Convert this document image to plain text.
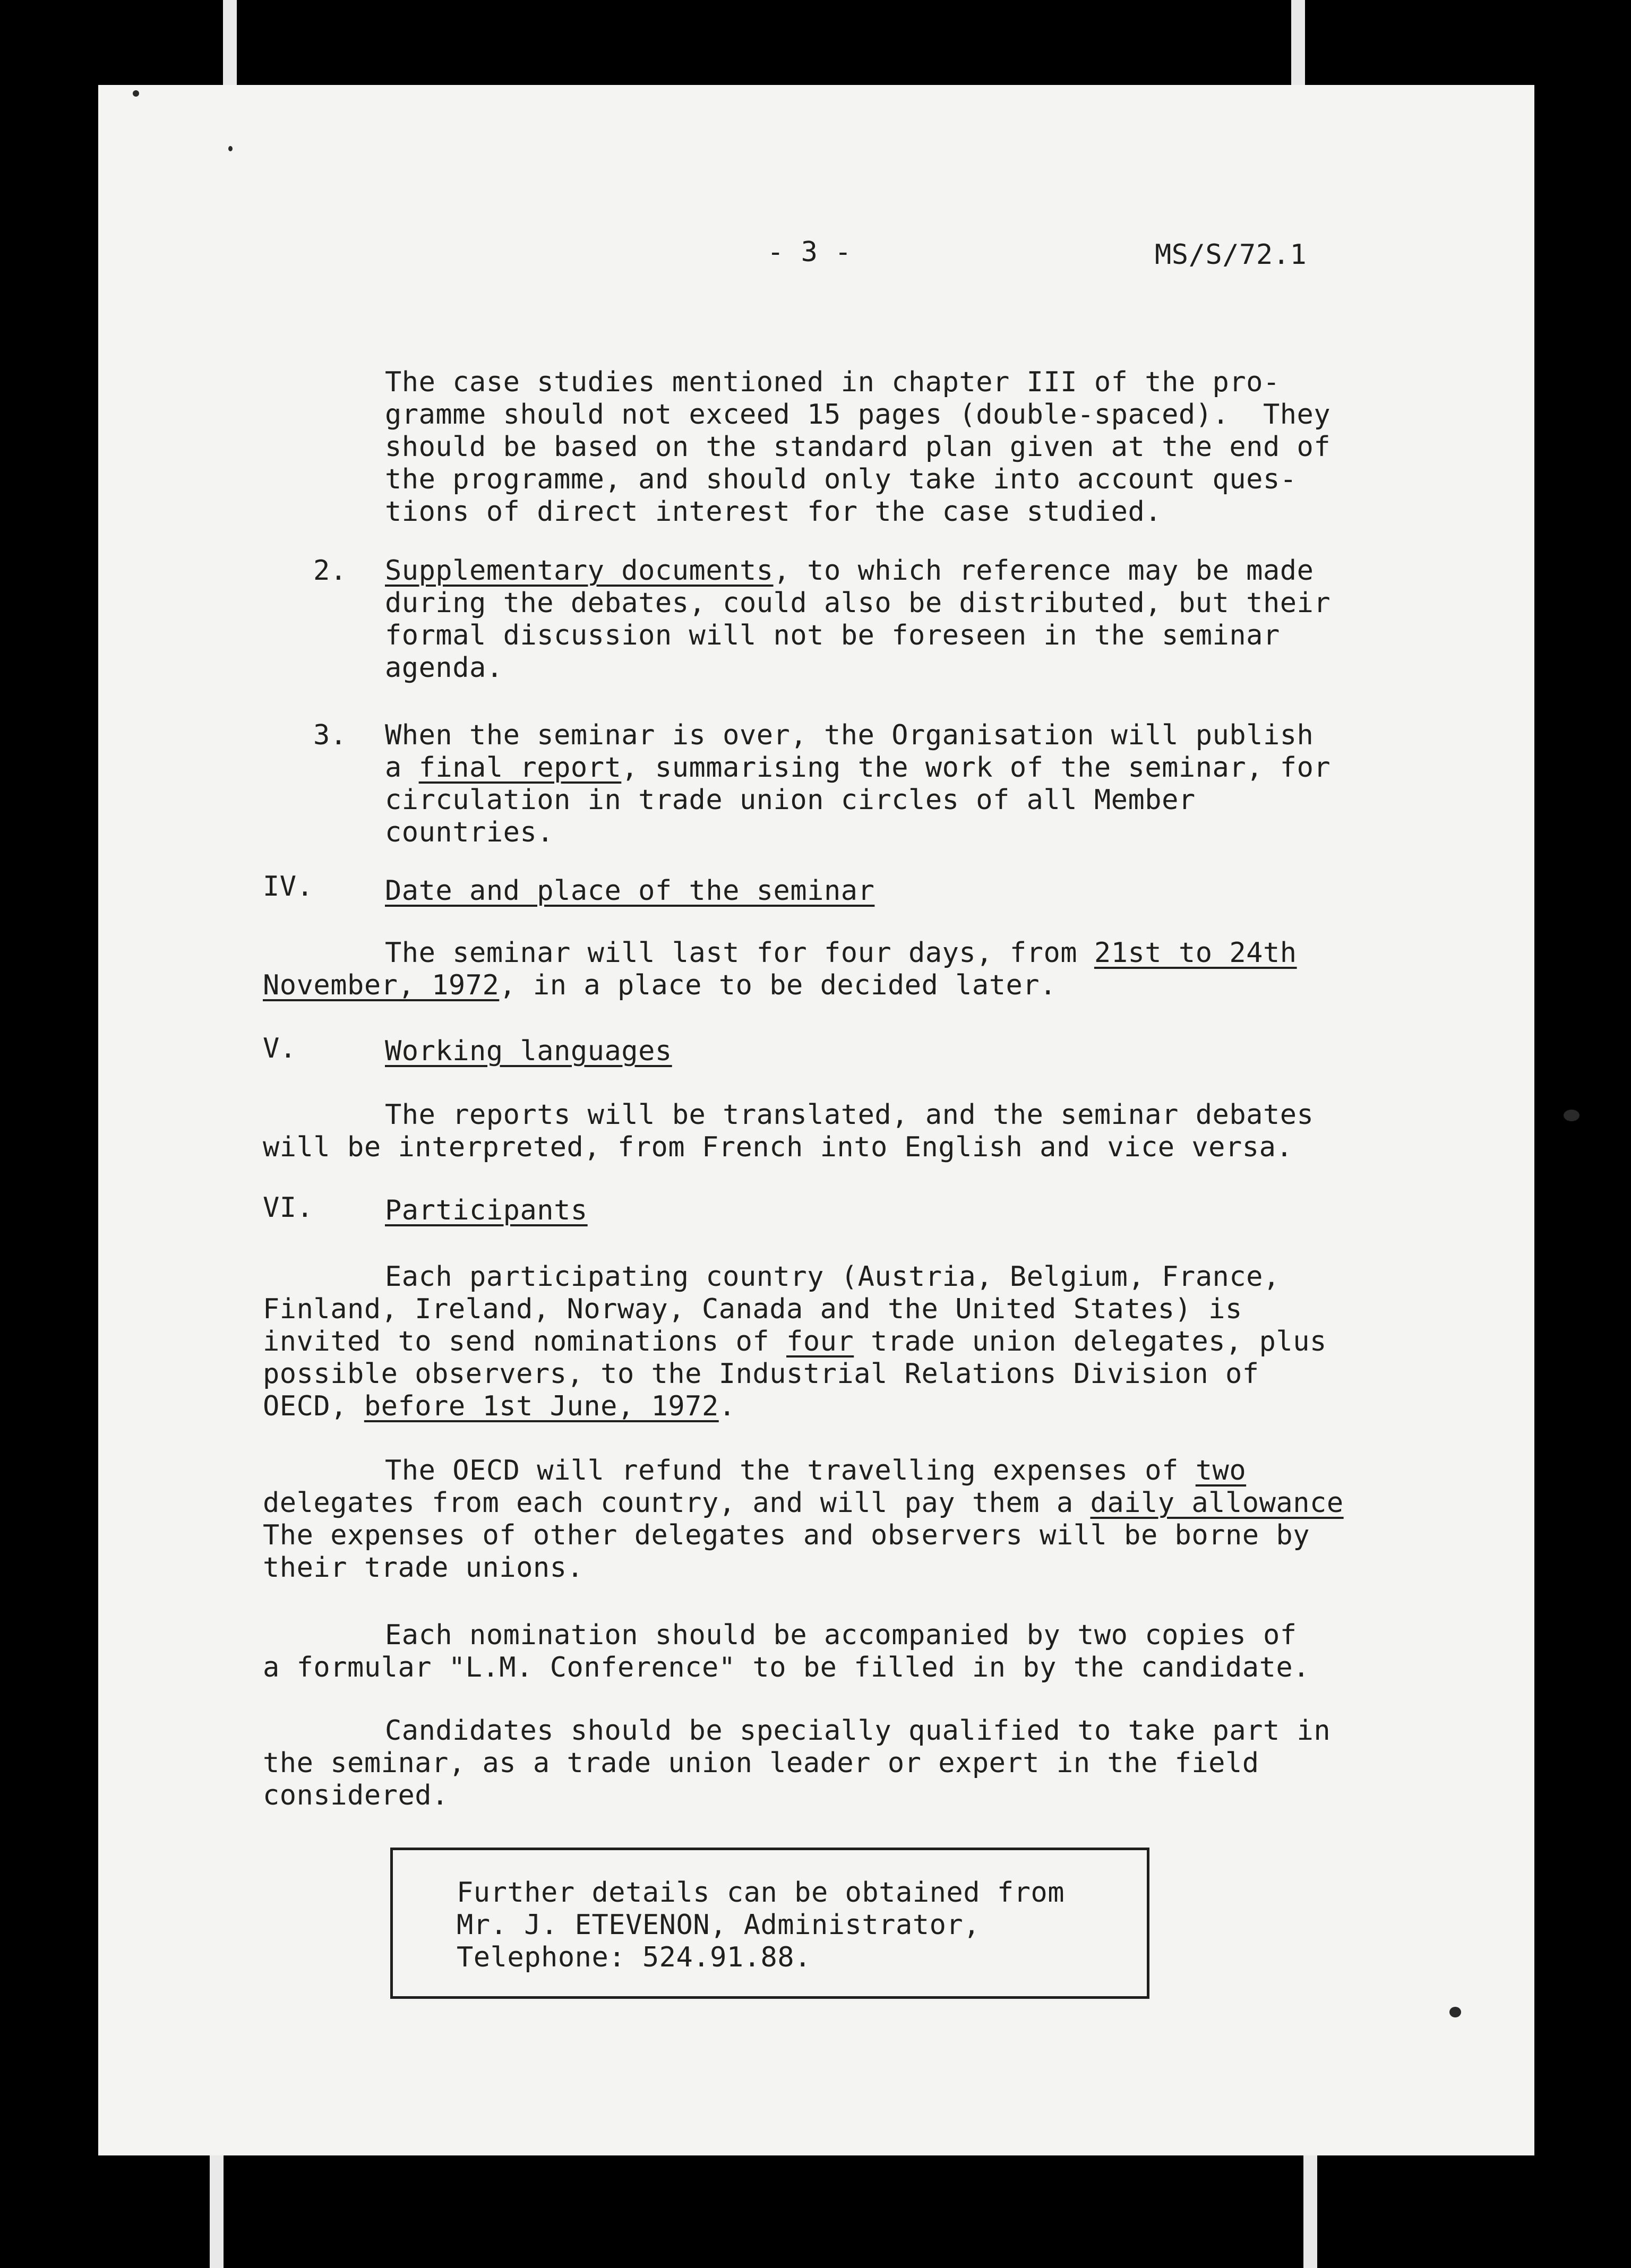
- 3 -	MS/S/72.1
The case studies mentioned in chapter III of the pro-
gramme should not exceed 15 pages (double-spaced).  They
should be based on the standard plan given at the end of
the programme, and should only take into account ques-
tions of direct interest for the case studied.
2. Supplementary documents, to which reference may be made
during the debates, could also be distributed, but their
formal discussion will not be foreseen in the seminar
agenda.
3. When the seminar is over, the Organisation will publish
a final report, summarising the work of the seminar, for
circulation in trade union circles of all Member
countries.
IV.	Date and place of the seminar
The seminar will last for four days, from 21st to 24th
November, 1972, in a place to be decided later.
V.	Working languages
The reports will be translated, and the seminar debates
will be interpreted, from French into English and vice versa.
VI.	Participants
Each participating country (Austria, Belgium, France,
Finland, Ireland, Norway, Canada and the United States) is
invited to send nominations of four trade union delegates, plus
possible observers, to the Industrial Relations Division of
OECD, before 1st June, 1972.
The OECD will refund the travelling expenses of two
delegates from each country, and will pay them a daily allowance
The expenses of other delegates and observers will be borne by
their trade unions.
Each nomination should be accompanied by two copies of
a formular "L.M. Conference" to be filled in by the candidate.
Candidates should be specially qualified to take part in
the seminar, as a trade union leader or expert in the field
considered.
Further details can be obtained from
Mr. J. ETEVENON, Administrator,
Telephone: 524.91.88.
